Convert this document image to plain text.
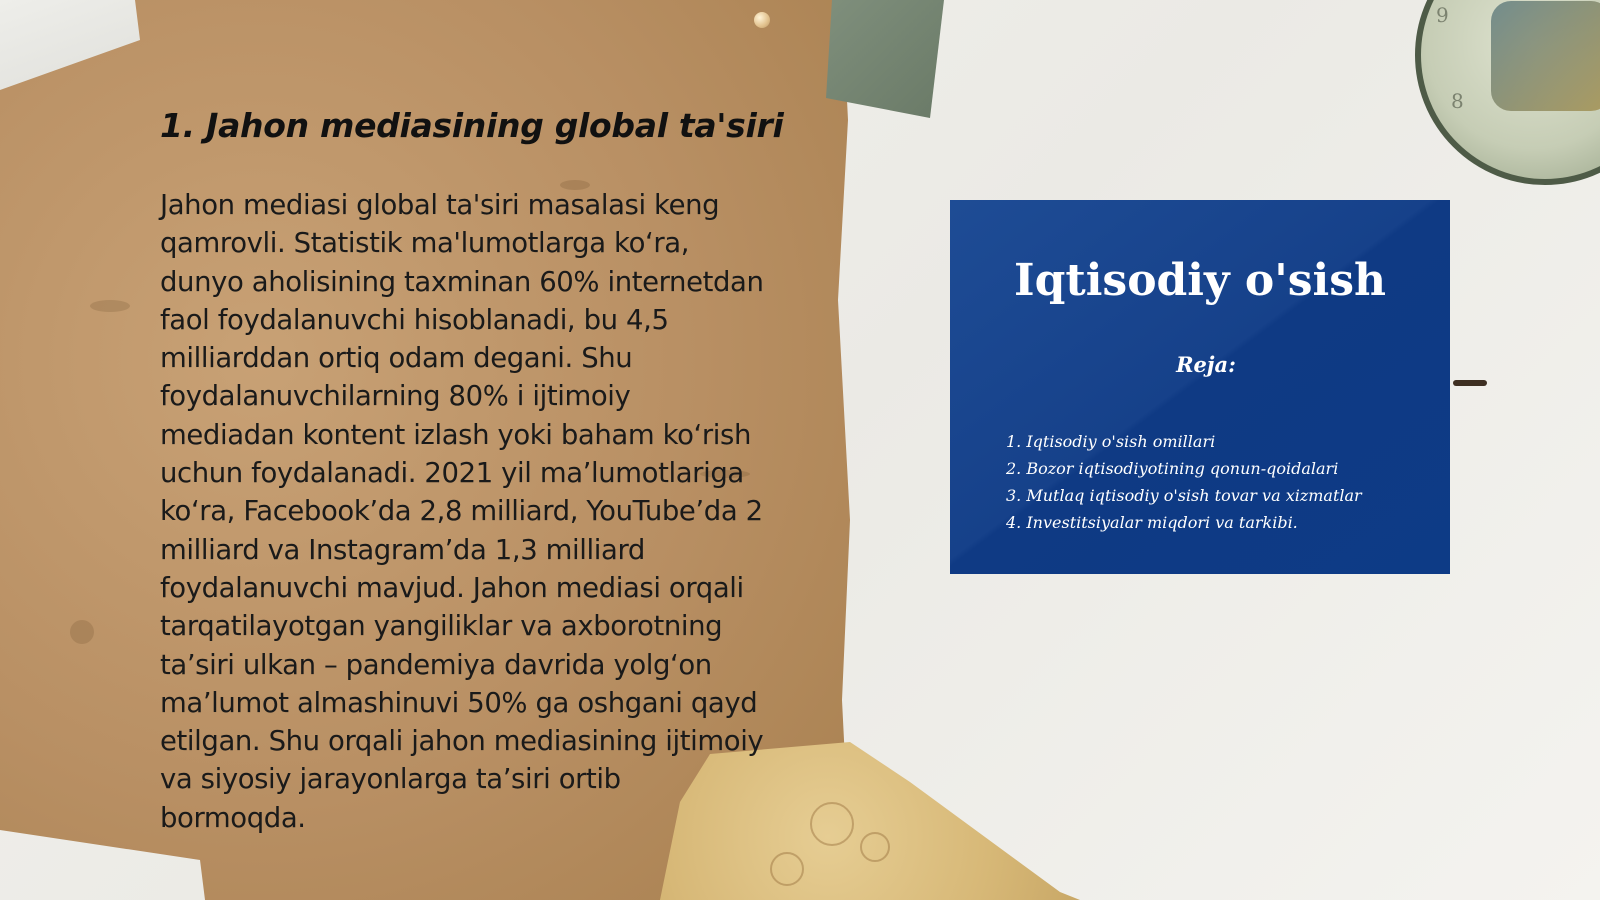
9
8
1. Jahon mediasining global ta'siri

Jahon mediasi global ta'siri masalasi keng
qamrovli. Statistik ma'lumotlarga ko‘ra,
dunyo aholisining taxminan 60% internetdan
faol foydalanuvchi hisoblanadi, bu 4,5
milliarddan ortiq odam degani. Shu
foydalanuvchilarning 80% i ijtimoiy
mediadan kontent izlash yoki baham ko‘rish
uchun foydalanadi. 2021 yil ma’lumotlariga
ko‘ra, Facebook’da 2,8 milliard, YouTube’da 2
milliard va Instagram’da 1,3 milliard
foydalanuvchi mavjud. Jahon mediasi orqali
tarqatilayotgan yangiliklar va axborotning
ta’siri ulkan – pandemiya davrida yolg‘on
ma’lumot almashinuvi 50% ga oshgani qayd
etilgan. Shu orqali jahon mediasining ijtimoiy
va siyosiy jarayonlarga ta’siri ortib
bormoqda.

Iqtisodiy o'sish
Reja:
1. Iqtisodiy o'sish omillari
2. Bozor iqtisodiyotining qonun-qoidalari
3. Mutlaq iqtisodiy o'sish tovar va xizmatlar
4. Investitsiyalar miqdori va tarkibi.
